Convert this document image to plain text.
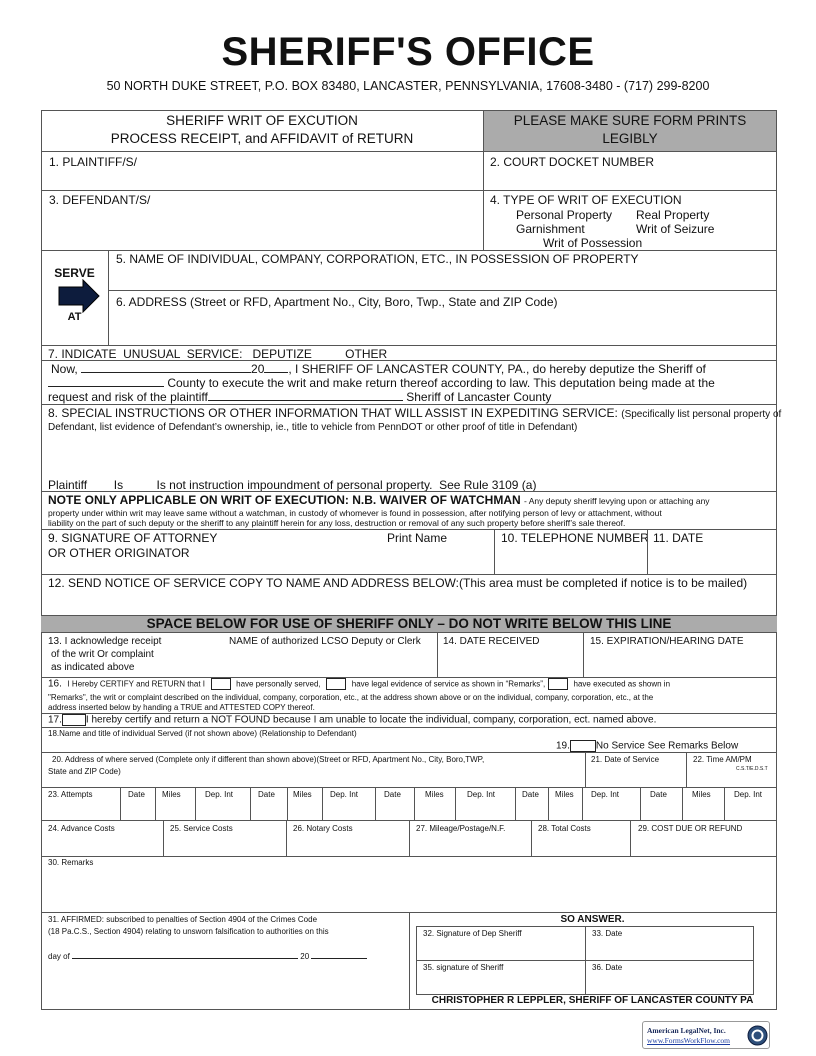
SHERIFF'S OFFICE
50 NORTH DUKE STREET, P.O. BOX 83480, LANCASTER, PENNSYLVANIA, 17608-3480 - (717) 299-8200
SHERIFF WRIT OF EXCUTION
PROCESS RECEIPT, and AFFIDAVIT of RETURN
PLEASE MAKE SURE FORM PRINTS
LEGIBLY
1. PLAINTIFF/S/	2. COURT DOCKET NUMBER
3. DEFENDANT/S/	4. TYPE OF WRIT OF EXECUTION
Personal Property Real Property
Garnishment	Writ of Seizure
Writ of Possession
SERVE
AT
5. NAME OF INDIVIDUAL, COMPANY, CORPORATION, ETC., IN POSSESSION OF PROPERTY
6. ADDRESS (Street or RFD, Apartment No., City, Boro, Twp., State and ZIP Code)
7. INDICATE  UNUSUAL  SERVICE:   DEPUTIZE          OTHER
Now,	20 , I SHERIFF OF LANCASTER COUNTY, PA., do hereby deputize the Sheriff of
County to execute the writ and make return thereof according to law. This deputation being made at the
request and risk of the plaintiff	Sheriff of Lancaster County
8. SPECIAL INSTRUCTIONS OR OTHER INFORMATION THAT WILL ASSIST IN EXPEDITING SERVICE: (Specifically list personal property of
Defendant, list evidence of Defendant’s ownership, ie., title to vehicle from PennDOT or other proof of title in Defendant)
Plaintiff        Is          Is not instruction impoundment of personal property.  See Rule 3109 (a)
NOTE ONLY APPLICABLE ON WRIT OF EXECUTION: N.B. WAIVER OF WATCHMAN - Any deputy sheriff levying upon or attaching any
property under within writ may leave same without a watchman, in custody of whomever is found in possession, after notifying person of levy or attachment, without
liability on the part of such deputy or the sheriff to any plaintiff herein for any loss, destruction or removal of any such property before sheriff’s sale thereof.
9. SIGNATURE OF ATTORNEY
OR OTHER ORIGINATOR
Print Name	10. TELEPHONE NUMBER 11. DATE
12. SEND NOTICE OF SERVICE COPY TO NAME AND ADDRESS BELOW:(This area must be completed if notice is to be mailed)
SPACE BELOW FOR USE OF SHERIFF ONLY – DO NOT WRITE BELOW THIS LINE
13. I acknowledge receipt
of the writ Or complaint
as indicated above
NAME of authorized LCSO Deputy or Clerk 14. DATE RECEIVED	15. EXPIRATION/HEARING DATE
16. I Hereby CERTIFY and RETURN that I	have personally served,	have legal evidence of service as shown in “Remarks”,	have executed as shown in
"Remarks", the writ or complaint described on the individual, company, corporation, etc., at the address shown above or on the individual, company, corporation, etc., at the
address inserted below by handing a TRUE and ATTESTED COPY thereof.
17. I hereby certify and return a NOT FOUND because I am unable to locate the individual, company, corporation, ect. named above.
18.Name and title of individual Served (if not shown above) (Relationship to Defendant)
19.	No Service See Remarks Below
20. Address of where served (Complete only if different than shown above)(Street or RFD, Apartment No., City, Boro,TWP,
State and ZIP Code)
21. Date of Service	22. Time AM/PM
C.S.T/E.D.S.T
23. Attempts	Date Miles	Dep. Int	Date Miles Dep. Int	Date	Miles	Dep. Int	Date Miles Dep. Int	Date	Miles	Dep. Int
24. Advance Costs	25. Service Costs	26. Notary Costs	27. Mileage/Postage/N.F.	28. Total Costs	29. COST DUE OR REFUND
30. Remarks
31. AFFIRMED: subscribed to penalties of Section 4904 of the Crimes Code
(18 Pa.C.S., Section 4904) relating to unsworn falsification to authorities on this
day of	20
SO ANSWER.
32. Signature of Dep Sheriff	33. Date
35. signature of Sheriff	36. Date
CHRISTOPHER R LEPPLER, SHERIFF OF LANCASTER COUNTY PA
American LegalNet, Inc.
www.FormsWorkFlow.com
